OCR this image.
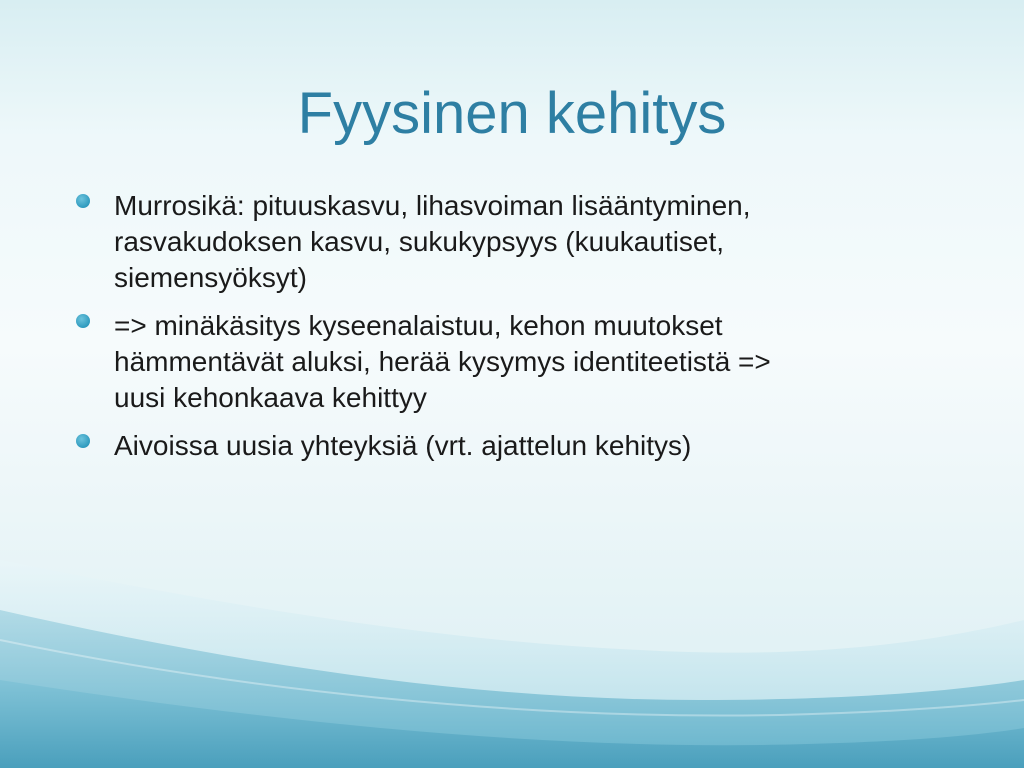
Fyysinen kehitys
Murrosikä: pituuskasvu, lihasvoiman lisääntyminen,
rasvakudoksen kasvu, sukukypsyys (kuukautiset,
siemensyöksyt)
=> minäkäsitys kyseenalaistuu, kehon muutokset
hämmentävät aluksi, herää kysymys identiteetistä =>
uusi kehonkaava kehittyy
Aivoissa uusia yhteyksiä (vrt. ajattelun kehitys)
